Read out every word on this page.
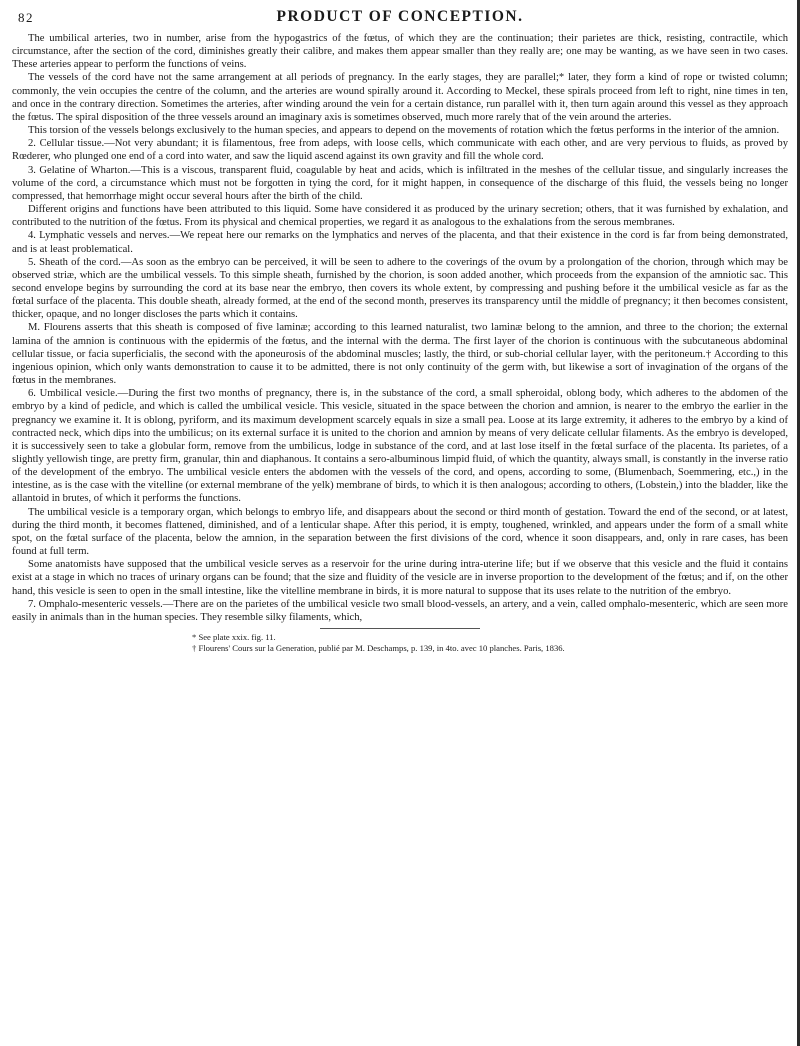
82	PRODUCT OF CONCEPTION.

The umbilical arteries, two in number, arise from the hypogastrics of the fœtus, of which they are the continuation; their parietes are thick, resisting, contractile, which circumstance, after the section of the cord, diminishes greatly their calibre, and makes them appear smaller than they really are; one may be wanting, as we have seen in two cases. These arteries appear to perform the functions of veins.

The vessels of the cord have not the same arrangement at all periods of pregnancy. In the early stages, they are parallel;* later, they form a kind of rope or twisted column; commonly, the vein occupies the centre of the column, and the arteries are wound spirally around it. According to Meckel, these spirals proceed from left to right, nine times in ten, and once in the contrary direction. Sometimes the arteries, after winding around the vein for a certain distance, run parallel with it, then turn again around this vessel as they approach the fœtus. The spiral disposition of the three vessels around an imaginary axis is sometimes observed, much more rarely that of the vein around the arteries.

This torsion of the vessels belongs exclusively to the human species, and appears to depend on the movements of rotation which the fœtus performs in the interior of the amnion.

2. Cellular tissue.—Not very abundant; it is filamentous, free from adeps, with loose cells, which communicate with each other, and are very pervious to fluids, as proved by Rœderer, who plunged one end of a cord into water, and saw the liquid ascend against its own gravity and fill the whole cord.

3. Gelatine of Wharton.—This is a viscous, transparent fluid, coagulable by heat and acids, which is infiltrated in the meshes of the cellular tissue, and singularly increases the volume of the cord, a circumstance which must not be forgotten in tying the cord, for it might happen, in consequence of the discharge of this fluid, the vessels being no longer compressed, that hemorrhage might occur several hours after the birth of the child.

Different origins and functions have been attributed to this liquid. Some have considered it as produced by the urinary secretion; others, that it was furnished by exhalation, and contributed to the nutrition of the fœtus. From its physical and chemical properties, we regard it as analogous to the exhalations from the serous membranes.

4. Lymphatic vessels and nerves.—We repeat here our remarks on the lymphatics and nerves of the placenta, and that their existence in the cord is far from being demonstrated, and is at least problematical.

5. Sheath of the cord.—As soon as the embryo can be perceived, it will be seen to adhere to the coverings of the ovum by a prolongation of the chorion, through which may be observed striæ, which are the umbilical vessels. To this simple sheath, furnished by the chorion, is soon added another, which proceeds from the expansion of the amniotic sac. This second envelope begins by surrounding the cord at its base near the embryo, then covers its whole extent, by compressing and pushing before it the umbilical vesicle as far as the fœtal surface of the placenta. This double sheath, already formed, at the end of the second month, preserves its transparency until the middle of pregnancy; it then becomes consistent, thicker, opaque, and no longer discloses the parts which it contains.

M. Flourens asserts that this sheath is composed of five laminæ; according to this learned naturalist, two laminæ belong to the amnion, and three to the chorion; the external lamina of the amnion is continuous with the epidermis of the fœtus, and the internal with the derma. The first layer of the chorion is continuous with the subcutaneous abdominal cellular tissue, or facia superficialis, the second with the aponeurosis of the abdominal muscles; lastly, the third, or sub-chorial cellular layer, with the peritoneum.† According to this ingenious opinion, which only wants demonstration to cause it to be admitted, there is not only continuity of the germ with, but likewise a sort of invagination of the organs of the fœtus in the membranes.

6. Umbilical vesicle.—During the first two months of pregnancy, there is, in the substance of the cord, a small spheroidal, oblong body, which adheres to the abdomen of the embryo by a kind of pedicle, and which is called the umbilical vesicle. This vesicle, situated in the space between the chorion and amnion, is nearer to the embryo the earlier in the pregnancy we examine it. It is oblong, pyriform, and its maximum development scarcely equals in size a small pea. Loose at its large extremity, it adheres to the embryo by a kind of contracted neck, which dips into the umbilicus; on its external surface it is united to the chorion and amnion by means of very delicate cellular filaments. As the embryo is developed, it is successively seen to take a globular form, remove from the umbilicus, lodge in substance of the cord, and at last lose itself in the fœtal surface of the placenta. Its parietes, of a slightly yellowish tinge, are pretty firm, granular, thin and diaphanous. It contains a sero-albuminous limpid fluid, of which the quantity, always small, is constantly in the inverse ratio of the development of the embryo. The umbilical vesicle enters the abdomen with the vessels of the cord, and opens, according to some, (Blumenbach, Soemmering, etc.,) in the intestine, as is the case with the vitelline (or external membrane of the yelk) membrane of birds, to which it is then analogous; according to others, (Lobstein,) into the bladder, like the allantoid in brutes, of which it performs the functions.

The umbilical vesicle is a temporary organ, which belongs to embryo life, and disappears about the second or third month of gestation. Toward the end of the second, or at latest, during the third month, it becomes flattened, diminished, and of a lenticular shape. After this period, it is empty, toughened, wrinkled, and appears under the form of a small white spot, on the fœtal surface of the placenta, below the amnion, in the separation between the first divisions of the cord, whence it soon disappears, and, only in rare cases, has been found at full term.

Some anatomists have supposed that the umbilical vesicle serves as a reservoir for the urine during intra-uterine life; but if we observe that this vesicle and the fluid it contains exist at a stage in which no traces of urinary organs can be found; that the size and fluidity of the vesicle are in inverse proportion to the development of the fœtus; and if, on the other hand, this vesicle is seen to open in the small intestine, like the vitelline membrane in birds, it is more natural to suppose that its uses relate to the nutrition of the embryo.

7. Omphalo-mesenteric vessels.—There are on the parietes of the umbilical vesicle two small blood-vessels, an artery, and a vein, called omphalo-mesenteric, which are seen more easily in animals than in the human species. They resemble silky filaments, which,

* See plate xxix. fig. 11.
† Flourens' Cours sur la Generation, publié par M. Deschamps, p. 139, in 4to. avec 10 planches. Paris, 1836.
